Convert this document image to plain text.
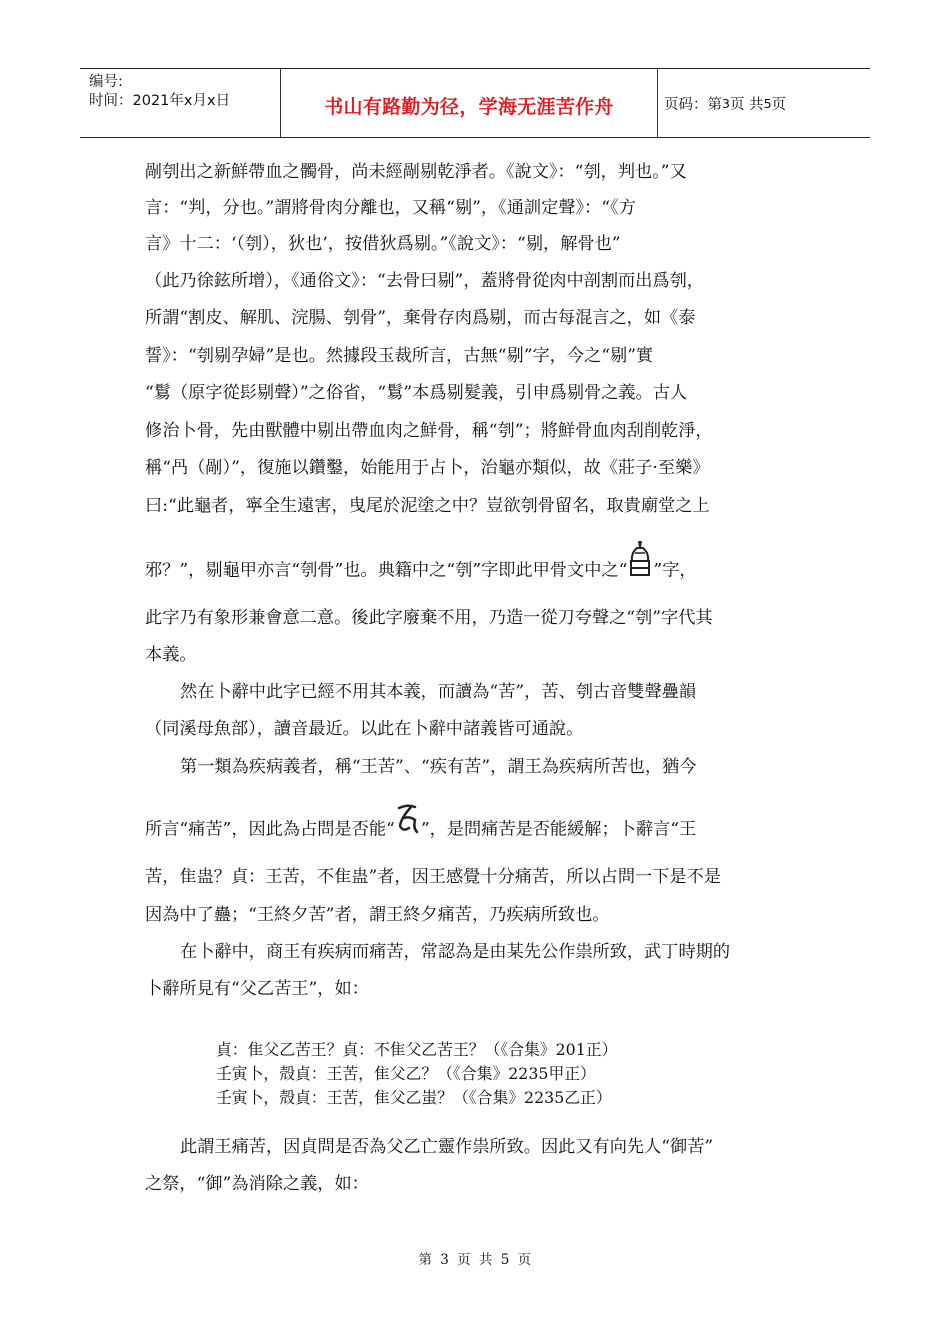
编号:
时间：2021年x月x日	书山有路勤为径，学海无涯苦作舟	页码：第 3 页 共 5 页
剮刳出之新鮮帶血之髑骨，尚未經剮剔乾淨者。《說文》：“刳，判也。”又
言：“判，分也。”謂將骨肉分離也，又稱“剔”，《通訓定聲》：“《方
言》十二：‘（刳），狄也’，按借狄爲剔。”《說文》：“剔，解骨也”
（此乃徐鉉所增），《通俗文》：“去骨曰剔”，蓋將骨從肉中剖割而出爲刳，
所謂“割皮、解肌、浣腸、刳骨”，棄骨存肉爲剔，而古每混言之，如《泰
誓》：“刳剔孕婦”是也。然據段玉裁所言，古無“剔”字，今之“剔”實
“鬄（原字從髟剔聲）”之俗省，“鬄”本爲剔髮義，引申爲剔骨之義。古人
修治卜骨，先由獸體中剔出帶血肉之鮮骨，稱“刳”；將鮮骨血肉刮削乾淨，
稱“冎（剮）”，復施以鑽鑿，始能用于占卜，治龜亦類似，故《莊子·至樂》
曰:“此龜者，寧全生遠害，曳尾於泥塗之中？豈欲刳骨留名，取貴廟堂之上
邪？”，剔龜甲亦言“刳骨”也。典籍中之“刳”字即此甲骨文中之“ ”字，
此字乃有象形兼會意二意。後此字廢棄不用，乃造一從刀夸聲之“刳”字代其
本義。
然在卜辭中此字已經不用其本義，而讀為“苦”，苦、刳古音雙聲疊韻
（同溪母魚部），讀音最近。以此在卜辭中諸義皆可通說。
第一類為疾病義者，稱“王苦”、“疾有苦”，謂王為疾病所苦也，猶今
所言“痛苦”，因此為占問是否能“ ”，是問痛苦是否能緩解；卜辭言“王
苦，隹蛊？貞：王苦，不隹蛊”者，因王感覺十分痛苦，所以占問一下是不是
因為中了蠱；“王終夕苦”者，謂王終夕痛苦，乃疾病所致也。
在卜辭中，商王有疾病而痛苦，常認為是由某先公作祟所致，武丁時期的
卜辭所見有“父乙苦王”，如：
貞：隹父乙苦王？貞：不隹父乙苦王？（《合集》201正）
壬寅卜，殻貞：王苦，隹父乙？（《合集》2235甲正）
壬寅卜，殻貞：王苦，隹父乙蚩？（《合集》2235乙正）
此謂王痛苦，因貞問是否為父乙亡靈作祟所致。因此又有向先人“御苦”
之祭，“御”為消除之義，如：
第 3 页 共 5 页
